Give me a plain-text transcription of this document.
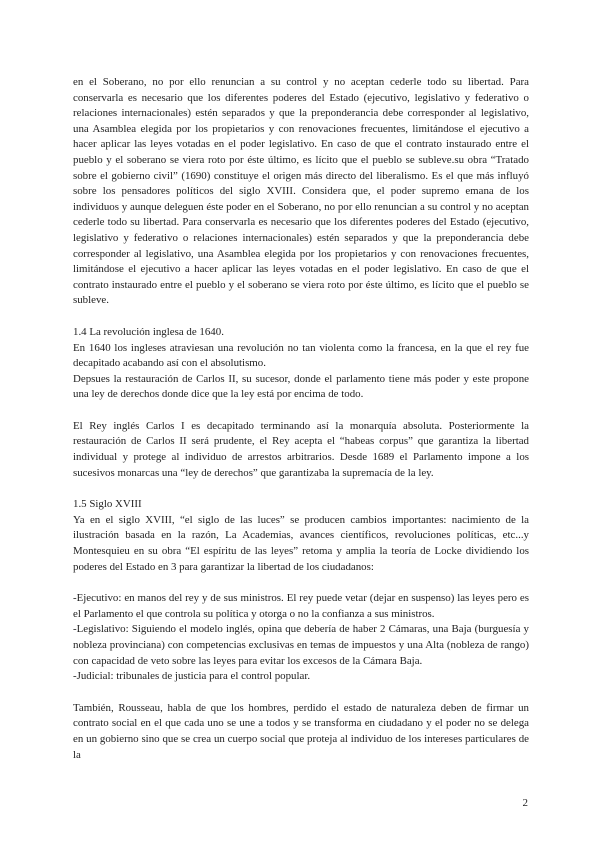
en el Soberano, no por ello renuncian a su control y no aceptan cederle todo su libertad. Para conservarla es necesario que los diferentes poderes del Estado (ejecutivo, legislativo y federativo o relaciones internacionales) estén separados y que la preponderancia debe corresponder al legislativo, una Asamblea elegida por los propietarios y con renovaciones frecuentes, limitándose el ejecutivo a hacer aplicar las leyes votadas en el poder legislativo. En caso de que el contrato instaurado entre el pueblo y el soberano se viera roto por éste último, es lícito que el pueblo se subleve.su obra “Tratado sobre el gobierno civil” (1690) constituye el origen más directo del liberalismo. Es el que más influyó sobre los pensadores políticos del siglo XVIII. Considera que, el poder supremo emana de los individuos y aunque deleguen éste poder en el Soberano, no por ello renuncian a su control y no aceptan cederle todo su libertad. Para conservarla es necesario que los diferentes poderes del Estado (ejecutivo, legislativo y federativo o relaciones internacionales) estén separados y que la preponderancia debe corresponder al legislativo, una Asamblea elegida por los propietarios y con renovaciones frecuentes, limitándose el ejecutivo a hacer aplicar las leyes votadas en el poder legislativo. En caso de que el contrato instaurado entre el pueblo y el soberano se viera roto por éste último, es lícito que el pueblo se subleve.

1.4 La revolución inglesa de 1640.

En 1640 los ingleses atraviesan una revolución no tan violenta como la francesa, en la que el rey fue decapitado acabando así con el absolutismo.

Depsues la restauración de Carlos II, su sucesor, donde el parlamento tiene más poder y este propone una ley de derechos donde dice que la ley está por encima de todo.

El Rey inglés Carlos I es decapitado terminando así la monarquía absoluta. Posteriormente la restauración de Carlos II será prudente, el Rey acepta el “habeas corpus” que garantiza la libertad individual y protege al individuo de arrestos arbitrarios. Desde 1689 el Parlamento impone a los sucesivos monarcas una “ley de derechos” que garantizaba la supremacía de la ley.

1.5 Siglo XVIII

Ya en el siglo XVIII, “el siglo de las luces” se producen cambios importantes: nacimiento de la ilustración basada en la razón, La Academias, avances científicos, revoluciones políticas, etc...y Montesquieu en su obra “El espíritu de las leyes” retoma y amplia la teoría de Locke dividiendo los poderes del Estado en 3 para garantizar la libertad de los ciudadanos:

-Ejecutivo: en manos del rey y de sus ministros. El rey puede vetar (dejar en suspenso) las leyes pero es el Parlamento el que controla su política y otorga o no la confianza a sus ministros.

-Legislativo: Siguiendo el modelo inglés, opina que debería de haber 2 Cámaras, una Baja (burguesía y nobleza provinciana) con competencias exclusivas en temas de impuestos y una Alta (nobleza de rango) con capacidad de veto sobre las leyes para evitar los excesos de la Cámara Baja.

-Judicial: tribunales de justicia para el control popular.

También, Rousseau, habla de que los hombres, perdido el estado de naturaleza deben de firmar un contrato social en el que cada uno se une a todos y se transforma en ciudadano y el poder no se delega en un gobierno sino que se crea un cuerpo social que proteja al individuo de los intereses particulares de la

2
